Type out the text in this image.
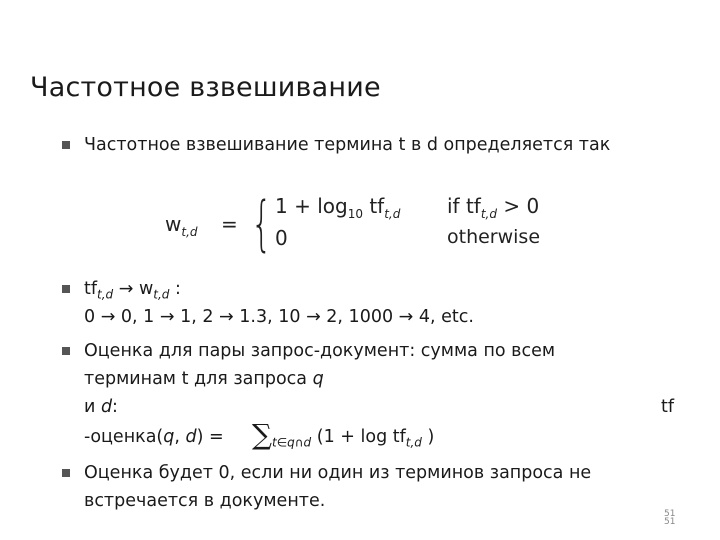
Частотное взвешивание
Частотное взвешивание термина t в d определяется так
$w_{t,d}$ = { $1 + \log_{10} tf_{t,d}$
0
if $tf_{t,d} > 0$
otherwise
$tf_{t,d} \to w_{t,d}$ :
0 → 0, 1 → 1, 2 → 1.3, 10 → 2, 1000 → 4, etc.
Оценка для пары запрос-документ: сумма по всем
терминам t для запроса q
и d:	tf
-оценка(q, d) = ∑ $_{t\in q\cap d}$ ($1 + \log tf_{t,d}$ )
Оценка будет 0, если ни один из терминов запроса не
встречается в документе.
51
51
